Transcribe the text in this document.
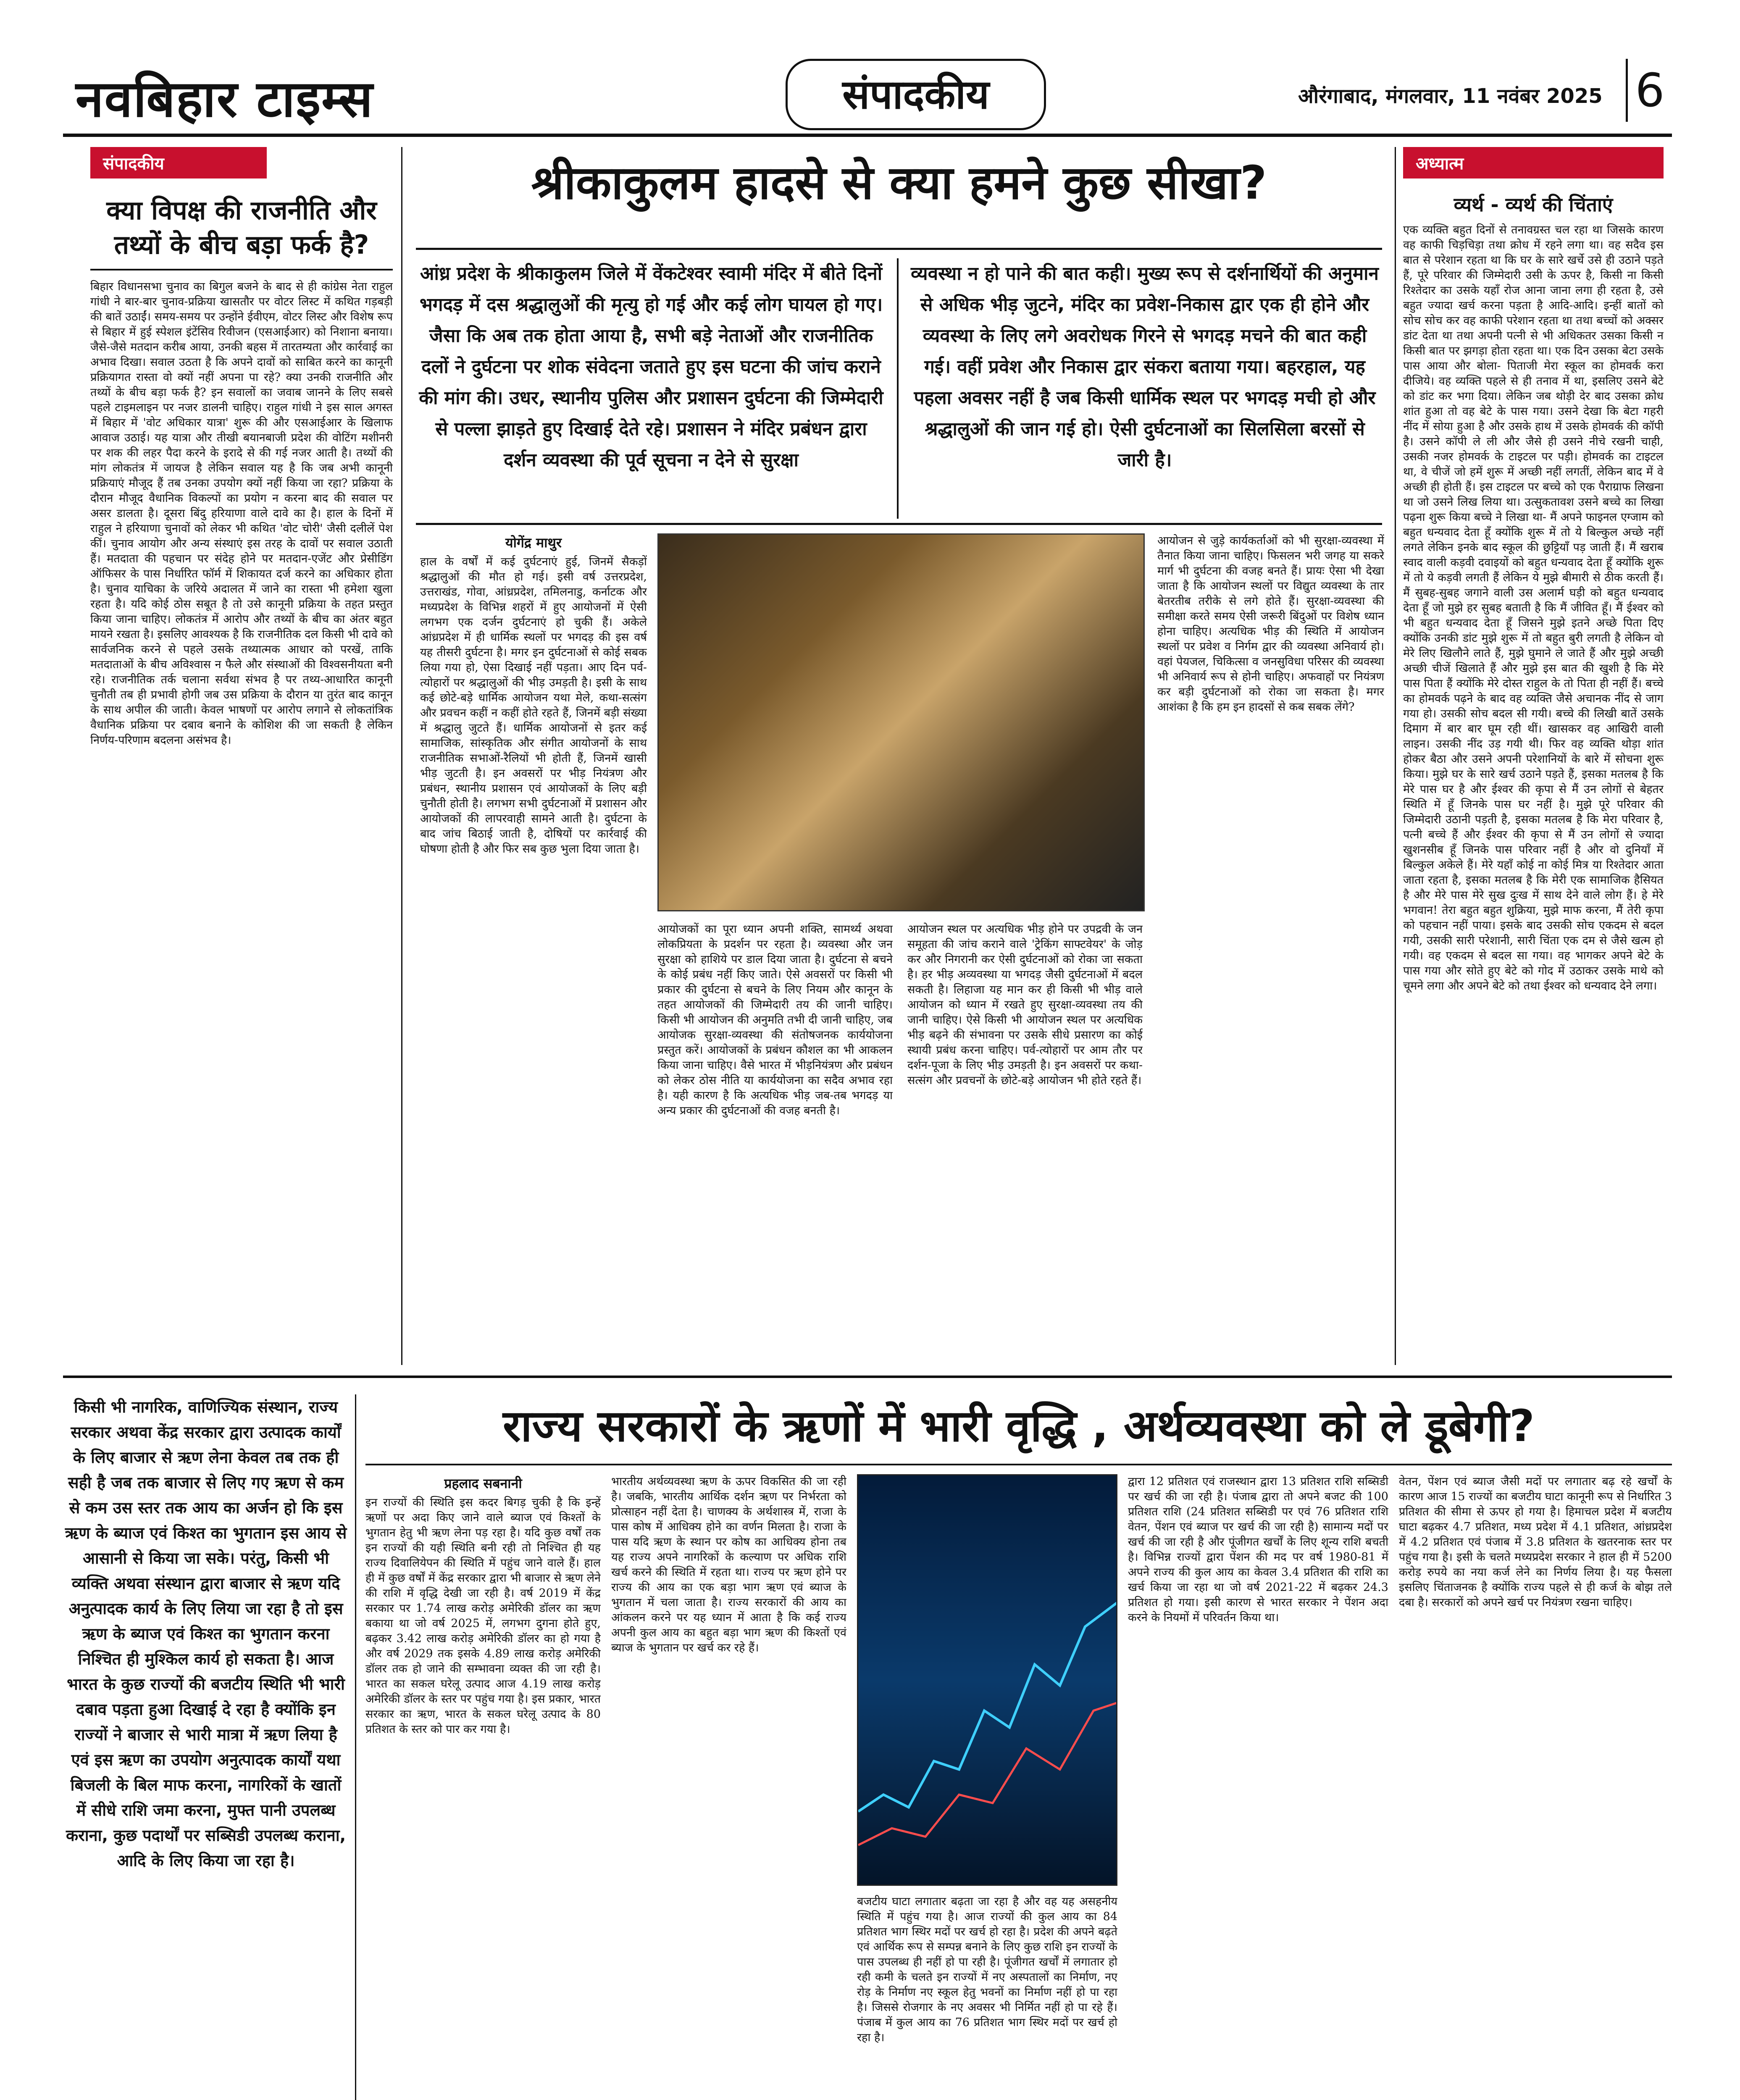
नवबिहार टाइम्स	संपादकीय	औरंगाबाद, मंगलवार, 11 नवंबर 2025 6
संपादकीय
क्या विपक्ष की राजनीति और तथ्यों के बीच बड़ा फर्क है?
बिहार विधानसभा चुनाव का बिगुल बजने के बाद से ही कांग्रेस नेता राहुल गांधी ने बार-बार चुनाव-प्रक्रिया खासतौर पर वोटर लिस्ट में कथित गड़बड़ी की बातें उठाईं। समय-समय पर उन्होंने ईवीएम, वोटर लिस्ट और विशेष रूप से बिहार में हुई स्पेशल इंटेंसिव रिवीजन (एसआईआर) को निशाना बनाया। जैसे-जैसे मतदान करीब आया, उनकी बहस में तारतम्यता और कार्रवाई का अभाव दिखा। सवाल उठता है कि अपने दावों को साबित करने का कानूनी प्रक्रियागत रास्ता वो क्यों नहीं अपना पा रहे? क्या उनकी राजनीति और तथ्यों के बीच बड़ा फर्क है? इन सवालों का जवाब जानने के लिए सबसे पहले टाइमलाइन पर नजर डालनी चाहिए। राहुल गांधी ने इस साल अगस्त में बिहार में 'वोट अधिकार यात्रा' शुरू की और एसआईआर के खिलाफ आवाज उठाई। यह यात्रा और तीखी बयानबाजी प्रदेश की वोटिंग मशीनरी पर शक की लहर पैदा करने के इरादे से की गई नजर आती है। तथ्यों की मांग लोकतंत्र में जायज है लेकिन सवाल यह है कि जब अभी कानूनी प्रक्रियाएं मौजूद हैं तब उनका उपयोग क्यों नहीं किया जा रहा? प्रक्रिया के दौरान मौजूद वैधानिक विकल्पों का प्रयोग न करना बाद की सवाल पर असर डालता है। दूसरा बिंदु हरियाणा वाले दावे का है। हाल के दिनों में राहुल ने हरियाणा चुनावों को लेकर भी कथित 'वोट चोरी' जैसी दलीलें पेश कीं। चुनाव आयोग और अन्य संस्थाएं इस तरह के दावों पर सवाल उठाती हैं। मतदाता की पहचान पर संदेह होने पर मतदान-एजेंट और प्रेसीडिंग ऑफिसर के पास निर्धारित फॉर्म में शिकायत दर्ज करने का अधिकार होता है। चुनाव याचिका के जरिये अदालत में जाने का रास्ता भी हमेशा खुला रहता है। यदि कोई ठोस सबूत है तो उसे कानूनी प्रक्रिया के तहत प्रस्तुत किया जाना चाहिए। लोकतंत्र में आरोप और तथ्यों के बीच का अंतर बहुत मायने रखता है। इसलिए आवश्यक है कि राजनीतिक दल किसी भी दावे को सार्वजनिक करने से पहले उसके तथ्यात्मक आधार को परखें, ताकि मतदाताओं के बीच अविश्वास न फैले और संस्थाओं की विश्वसनीयता बनी रहे। राजनीतिक तर्क चलाना सर्वथा संभव है पर तथ्य-आधारित कानूनी चुनौती तब ही प्रभावी होगी जब उस प्रक्रिया के दौरान या तुरंत बाद कानून के साथ अपील की जाती। केवल भाषणों पर आरोप लगाने से लोकतांत्रिक वैधानिक प्रक्रिया पर दबाव बनाने के कोशिश की जा सकती है लेकिन निर्णय-परिणाम बदलना असंभव है।
श्रीकाकुलम हादसे से क्या हमने कुछ सीखा?
आंध्र प्रदेश के श्रीकाकुलम जिले में वेंकटेश्वर स्वामी मंदिर में बीते दिनों भगदड़ में दस श्रद्धालुओं की मृत्यु हो गई और कई लोग घायल हो गए। जैसा कि अब तक होता आया है, सभी बड़े नेताओं और राजनीतिक दलों ने दुर्घटना पर शोक संवेदना जताते हुए इस घटना की जांच कराने की मांग की। उधर, स्थानीय पुलिस और प्रशासन दुर्घटना की जिम्मेदारी से पल्ला झाड़ते हुए दिखाई देते रहे। प्रशासन ने मंदिर प्रबंधन द्वारा दर्शन व्यवस्था की पूर्व सूचना न देने से सुरक्षा
व्यवस्था न हो पाने की बात कही। मुख्य रूप से दर्शनार्थियों की अनुमान से अधिक भीड़ जुटने, मंदिर का प्रवेश-निकास द्वार एक ही होने और व्यवस्था के लिए लगे अवरोधक गिरने से भगदड़ मचने की बात कही गई। वहीं प्रवेश और निकास द्वार संकरा बताया गया। बहरहाल, यह पहला अवसर नहीं है जब किसी धार्मिक स्थल पर भगदड़ मची हो और श्रद्धालुओं की जान गई हो। ऐसी दुर्घटनाओं का सिलसिला बरसों से जारी है।
योगेंद्र माथुर
हाल के वर्षों में कई दुर्घटनाएं हुई, जिनमें सैकड़ों श्रद्धालुओं की मौत हो गई। इसी वर्ष उत्तरप्रदेश, उत्तराखंड, गोवा, आंध्रप्रदेश, तमिलनाडु, कर्नाटक और मध्यप्रदेश के विभिन्न शहरों में हुए आयोजनों में ऐसी लगभग एक दर्जन दुर्घटनाएं हो चुकी हैं। अकेले आंध्रप्रदेश में ही धार्मिक स्थलों पर भगदड़ की इस वर्ष यह तीसरी दुर्घटना है। मगर इन दुर्घटनाओं से कोई सबक लिया गया हो, ऐसा दिखाई नहीं पड़ता। आए दिन पर्व-त्योहारों पर श्रद्धालुओं की भीड़ उमड़ती है। इसी के साथ कई छोटे-बड़े धार्मिक आयोजन यथा मेले, कथा-सत्संग और प्रवचन कहीं न कहीं होते रहते हैं, जिनमें बड़ी संख्या में श्रद्धालु जुटते हैं। धार्मिक आयोजनों से इतर कई सामाजिक, सांस्कृतिक और संगीत आयोजनों के साथ राजनीतिक सभाओं-रैलियों भी होती हैं, जिनमें खासी भीड़ जुटती है। इन अवसरों पर भीड़ नियंत्रण और प्रबंधन, स्थानीय प्रशासन एवं आयोजकों के लिए बड़ी चुनौती होती है। लगभग सभी दुर्घटनाओं में प्रशासन और आयोजकों की लापरवाही सामने आती है। दुर्घटना के बाद जांच बिठाई जाती है, दोषियों पर कार्रवाई की घोषणा होती है और फिर सब कुछ भुला दिया जाता है।
आयोजकों का पूरा ध्यान अपनी शक्ति, सामर्थ्य अथवा लोकप्रियता के प्रदर्शन पर रहता है। व्यवस्था और जन सुरक्षा को हाशिये पर डाल दिया जाता है। दुर्घटना से बचने के कोई प्रबंध नहीं किए जाते। ऐसे अवसरों पर किसी भी प्रकार की दुर्घटना से बचने के लिए नियम और कानून के तहत आयोजकों की जिम्मेदारी तय की जानी चाहिए। किसी भी आयोजन की अनुमति तभी दी जानी चाहिए, जब आयोजक सुरक्षा-व्यवस्था की संतोषजनक कार्ययोजना प्रस्तुत करें। आयोजकों के प्रबंधन कौशल का भी आकलन किया जाना चाहिए। वैसे भारत में भीड़नियंत्रण और प्रबंधन को लेकर ठोस नीति या कार्ययोजना का सदैव अभाव रहा है। यही कारण है कि अत्यधिक भीड़ जब-तब भगदड़ या अन्य प्रकार की दुर्घटनाओं की वजह बनती है।
आयोजन स्थल पर अत्यधिक भीड़ होने पर उपद्रवी के जन समूहता की जांच कराने वाले 'ट्रेकिंग साफ्टवेयर' के जोड़ कर और निगरानी कर ऐसी दुर्घटनाओं को रोका जा सकता है। हर भीड़ अव्यवस्था या भगदड़ जैसी दुर्घटनाओं में बदल सकती है। लिहाजा यह मान कर ही किसी भी भीड़ वाले आयोजन को ध्यान में रखते हुए सुरक्षा-व्यवस्था तय की जानी चाहिए। ऐसे किसी भी आयोजन स्थल पर अत्यधिक भीड़ बढ़ने की संभावना पर उसके सीधे प्रसारण का कोई स्थायी प्रबंध करना चाहिए। पर्व-त्योहारों पर आम तौर पर दर्शन-पूजा के लिए भीड़ उमड़ती है। इन अवसरों पर कथा-सत्संग और प्रवचनों के छोटे-बड़े आयोजन भी होते रहते हैं।
आयोजन से जुड़े कार्यकर्ताओं को भी सुरक्षा-व्यवस्था में तैनात किया जाना चाहिए। फिसलन भरी जगह या सकरे मार्ग भी दुर्घटना की वजह बनते हैं। प्रायः ऐसा भी देखा जाता है कि आयोजन स्थलों पर विद्युत व्यवस्था के तार बेतरतीब तरीके से लगे होते हैं। सुरक्षा-व्यवस्था की समीक्षा करते समय ऐसी जरूरी बिंदुओं पर विशेष ध्यान होना चाहिए। अत्यधिक भीड़ की स्थिति में आयोजन स्थलों पर प्रवेश व निर्गम द्वार की व्यवस्था अनिवार्य हो। वहां पेयजल, चिकित्सा व जनसुविधा परिसर की व्यवस्था भी अनिवार्य रूप से होनी चाहिए। अफवाहों पर नियंत्रण कर बड़ी दुर्घटनाओं को रोका जा सकता है। मगर आशंका है कि हम इन हादसों से कब सबक लेंगे?
अध्यात्म
व्यर्थ - व्यर्थ की चिंताएं
एक व्यक्ति बहुत दिनों से तनावग्रस्त चल रहा था जिसके कारण वह काफी चिड़चिड़ा तथा क्रोध में रहने लगा था। वह सदैव इस बात से परेशान रहता था कि घर के सारे खर्चे उसे ही उठाने पड़ते हैं, पूरे परिवार की जिम्मेदारी उसी के ऊपर है, किसी ना किसी रिश्तेदार का उसके यहाँ रोज आना जाना लगा ही रहता है, उसे बहुत ज्यादा खर्च करना पड़ता है आदि-आदि। इन्हीं बातों को सोच सोच कर वह काफी परेशान रहता था तथा बच्चों को अक्सर डांट देता था तथा अपनी पत्नी से भी अधिकतर उसका किसी न किसी बात पर झगड़ा होता रहता था। एक दिन उसका बेटा उसके पास आया और बोला- पिताजी मेरा स्कूल का होमवर्क करा दीजिये। वह व्यक्ति पहले से ही तनाव में था, इसलिए उसने बेटे को डांट कर भगा दिया। लेकिन जब थोड़ी देर बाद उसका क्रोध शांत हुआ तो वह बेटे के पास गया। उसने देखा कि बेटा गहरी नींद में सोया हुआ है और उसके हाथ में उसके होमवर्क की कॉपी है। उसने कॉपी ले ली और जैसे ही उसने नीचे रखनी चाही, उसकी नजर होमवर्क के टाइटल पर पड़ी। होमवर्क का टाइटल था, वे चीजें जो हमें शुरू में अच्छी नहीं लगतीं, लेकिन बाद में वे अच्छी ही होती हैं। इस टाइटल पर बच्चे को एक पैराग्राफ लिखना था जो उसने लिख लिया था। उत्सुकतावश उसने बच्चे का लिखा पढ़ना शुरू किया बच्चे ने लिखा था- मैं अपने फाइनल एग्जाम को बहुत धन्यवाद देता हूँ क्योंकि शुरू में तो ये बिल्कुल अच्छे नहीं लगते लेकिन इनके बाद स्कूल की छुट्टियाँ पड़ जाती हैं। मैं खराब स्वाद वाली कड़वी दवाइयों को बहुत धन्यवाद देता हूँ क्योंकि शुरू में तो ये कड़वी लगती हैं लेकिन ये मुझे बीमारी से ठीक करती हैं। मैं सुबह-सुबह जगाने वाली उस अलार्म घड़ी को बहुत धन्यवाद देता हूँ जो मुझे हर सुबह बताती है कि मैं जीवित हूँ। मैं ईश्वर को भी बहुत धन्यवाद देता हूँ जिसने मुझे इतने अच्छे पिता दिए क्योंकि उनकी डांट मुझे शुरू में तो बहुत बुरी लगती है लेकिन वो मेरे लिए खिलौने लाते हैं, मुझे घुमाने ले जाते हैं और मुझे अच्छी अच्छी चीजें खिलाते हैं और मुझे इस बात की खुशी है कि मेरे पास पिता हैं क्योंकि मेरे दोस्त राहुल के तो पिता ही नहीं हैं। बच्चे का होमवर्क पढ़ने के बाद वह व्यक्ति जैसे अचानक नींद से जाग गया हो। उसकी सोच बदल सी गयी। बच्चे की लिखी बातें उसके दिमाग में बार बार घूम रही थीं। खासकर वह आखिरी वाली लाइन। उसकी नींद उड़ गयी थी। फिर वह व्यक्ति थोड़ा शांत होकर बैठा और उसने अपनी परेशानियों के बारे में सोचना शुरू किया। मुझे घर के सारे खर्च उठाने पड़ते हैं, इसका मतलब है कि मेरे पास घर है और ईश्वर की कृपा से मैं उन लोगों से बेहतर स्थिति में हूँ जिनके पास घर नहीं है। मुझे पूरे परिवार की जिम्मेदारी उठानी पड़ती है, इसका मतलब है कि मेरा परिवार है, पत्नी बच्चे हैं और ईश्वर की कृपा से मैं उन लोगों से ज्यादा खुशनसीब हूँ जिनके पास परिवार नहीं है और वो दुनियाँ में बिल्कुल अकेले हैं। मेरे यहाँ कोई ना कोई मित्र या रिश्तेदार आता जाता रहता है, इसका मतलब है कि मेरी एक सामाजिक हैसियत है और मेरे पास मेरे सुख दुःख में साथ देने वाले लोग हैं। हे मेरे भगवान! तेरा बहुत बहुत शुक्रिया, मुझे माफ करना, मैं तेरी कृपा को पहचान नहीं पाया। इसके बाद उसकी सोच एकदम से बदल गयी, उसकी सारी परेशानी, सारी चिंता एक दम से जैसे खत्म हो गयी। वह एकदम से बदल सा गया। वह भागकर अपने बेटे के पास गया और सोते हुए बेटे को गोद में उठाकर उसके माथे को चूमने लगा और अपने बेटे को तथा ईश्वर को धन्यवाद देने लगा।
किसी भी नागरिक, वाणिज्यिक संस्थान, राज्य सरकार अथवा केंद्र सरकार द्वारा उत्पादक कार्यों के लिए बाजार से ऋण लेना केवल तब तक ही सही है जब तक बाजार से लिए गए ऋण से कम से कम उस स्तर तक आय का अर्जन हो कि इस ऋण के ब्याज एवं किश्त का भुगतान इस आय से आसानी से किया जा सके। परंतु, किसी भी व्यक्ति अथवा संस्थान द्वारा बाजार से ऋण यदि अनुत्पादक कार्य के लिए लिया जा रहा है तो इस ऋण के ब्याज एवं किश्त का भुगतान करना निश्चित ही मुश्किल कार्य हो सकता है। आज भारत के कुछ राज्यों की बजटीय स्थिति भी भारी दबाव पड़ता हुआ दिखाई दे रहा है क्योंकि इन राज्यों ने बाजार से भारी मात्रा में ऋण लिया है एवं इस ऋण का उपयोग अनुत्पादक कार्यों यथा बिजली के बिल माफ करना, नागरिकों के खातों में सीधे राशि जमा करना, मुफ्त पानी उपलब्ध कराना, कुछ पदार्थों पर सब्सिडी उपलब्ध कराना, आदि के लिए किया जा रहा है।
राज्य सरकारों के ऋणों में भारी वृद्धि , अर्थव्यवस्था को ले डूबेगी?
प्रहलाद सबनानी
इन राज्यों की स्थिति इस कदर बिगड़ चुकी है कि इन्हें ऋणों पर अदा किए जाने वाले ब्याज एवं किश्तों के भुगतान हेतु भी ऋण लेना पड़ रहा है। यदि कुछ वर्षों तक इन राज्यों की यही स्थिति बनी रही तो निश्चित ही यह राज्य दिवालियेपन की स्थिति में पहुंच जाने वाले हैं। हाल ही में कुछ वर्षों में केंद्र सरकार द्वारा भी बाजार से ऋण लेने की राशि में वृद्धि देखी जा रही है। वर्ष 2019 में केंद्र सरकार पर 1.74 लाख करोड़ अमेरिकी डॉलर का ऋण बकाया था जो वर्ष 2025 में, लगभग दुगना होते हुए, बढ़कर 3.42 लाख करोड़ अमेरिकी डॉलर का हो गया है और वर्ष 2029 तक इसके 4.89 लाख करोड़ अमेरिकी डॉलर तक हो जाने की सम्भावना व्यक्त की जा रही है। भारत का सकल घरेलू उत्पाद आज 4.19 लाख करोड़ अमेरिकी डॉलर के स्तर पर पहुंच गया है। इस प्रकार, भारत सरकार का ऋण, भारत के सकल घरेलू उत्पाद के 80 प्रतिशत के स्तर को पार कर गया है।
भारतीय अर्थव्यवस्था ऋण के ऊपर विकसित की जा रही है। जबकि, भारतीय आर्थिक दर्शन ऋण पर निर्भरता को प्रोत्साहन नहीं देता है। चाणक्य के अर्थशास्त्र में, राजा के पास कोष में आधिक्य होने का वर्णन मिलता है। राजा के पास यदि ऋण के स्थान पर कोष का आधिक्य होना तब यह राज्य अपने नागरिकों के कल्याण पर अधिक राशि खर्च करने की स्थिति में रहता था। राज्य पर ऋण होने पर राज्य की आय का एक बड़ा भाग ऋण एवं ब्याज के भुगतान में चला जाता है। राज्य सरकारों की आय का आंकलन करने पर यह ध्यान में आता है कि कई राज्य अपनी कुल आय का बहुत बड़ा भाग ऋण की किश्तों एवं ब्याज के भुगतान पर खर्च कर रहे हैं।
बजटीय घाटा लगातार बढ़ता जा रहा है और वह यह असहनीय स्थिति में पहुंच गया है। आज राज्यों की कुल आय का 84 प्रतिशत भाग स्थिर मदों पर खर्च हो रहा है। प्रदेश की अपने बढ़ते एवं आर्थिक रूप से सम्पन्न बनाने के लिए कुछ राशि इन राज्यों के पास उपलब्ध ही नहीं हो पा रही है। पूंजीगत खर्चों में लगातार हो रही कमी के चलते इन राज्यों में नए अस्पतालों का निर्माण, नए रोड़ के निर्माण नए स्कूल हेतु भवनों का निर्माण नहीं हो पा रहा है। जिससे रोजगार के नए अवसर भी निर्मित नहीं हो पा रहे हैं। पंजाब में कुल आय का 76 प्रतिशत भाग स्थिर मदों पर खर्च हो रहा है।
द्वारा 12 प्रतिशत एवं राजस्थान द्वारा 13 प्रतिशत राशि सब्सिडी पर खर्च की जा रही है। पंजाब द्वारा तो अपने बजट की 100 प्रतिशत राशि (24 प्रतिशत सब्सिडी पर एवं 76 प्रतिशत राशि वेतन, पेंशन एवं ब्याज पर खर्च की जा रही है) सामान्य मदों पर खर्च की जा रही है और पूंजीगत खर्चों के लिए शून्य राशि बचती है। विभिन्न राज्यों द्वारा पेंशन की मद पर वर्ष 1980-81 में अपने राज्य की कुल आय का केवल 3.4 प्रतिशत की राशि का खर्च किया जा रहा था जो वर्ष 2021-22 में बढ़कर 24.3 प्रतिशत हो गया। इसी कारण से भारत सरकार ने पेंशन अदा करने के नियमों में परिवर्तन किया था।
वेतन, पेंशन एवं ब्याज जैसी मदों पर लगातार बढ़ रहे खर्चों के कारण आज 15 राज्यों का बजटीय घाटा कानूनी रूप से निर्धारित 3 प्रतिशत की सीमा से ऊपर हो गया है। हिमाचल प्रदेश में बजटीय घाटा बढ़कर 4.7 प्रतिशत, मध्य प्रदेश में 4.1 प्रतिशत, आंध्रप्रदेश में 4.2 प्रतिशत एवं पंजाब में 3.8 प्रतिशत के खतरनाक स्तर पर पहुंच गया है। इसी के चलते मध्यप्रदेश सरकार ने हाल ही में 5200 करोड़ रुपये का नया कर्ज लेने का निर्णय लिया है। यह फैसला इसलिए चिंताजनक है क्योंकि राज्य पहले से ही कर्ज के बोझ तले दबा है। सरकारों को अपने खर्च पर नियंत्रण रखना चाहिए।
